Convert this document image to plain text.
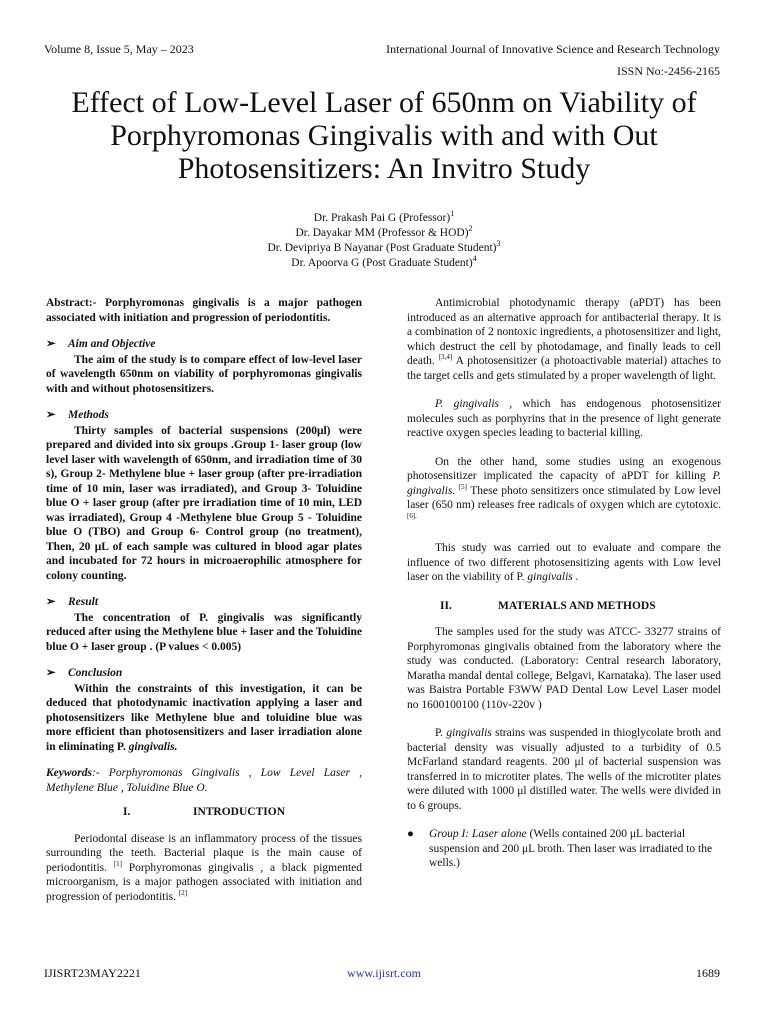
Volume 8, Issue 5, May – 2023	International Journal of Innovative Science and Research Technology
ISSN No:-2456-2165
Effect of Low-Level Laser of 650nm on Viability of Porphyromonas Gingivalis with and with Out Photosensitizers: An Invitro Study
Dr. Prakash Pai G (Professor)$^1$
Dr. Dayakar MM (Professor & HOD)$^2$
Dr. Devipriya B Nayanar (Post Graduate Student)$^3$
Dr. Apoorva G (Post Graduate Student)$^4$

Abstract:- Porphyromonas gingivalis is a major pathogen associated with initiation and progression of periodontitis.

➢ Aim and Objective

The aim of the study is to compare effect of low-level laser of wavelength 650nm on viability of porphyromonas gingivalis with and without photosensitizers.

➢ Methods

Thirty samples of bacterial suspensions (200μl) were prepared and divided into six groups .Group 1- laser group (low level laser with wavelength of 650nm, and irradiation time of 30 s), Group 2- Methylene blue + laser group (after pre-irradiation time of 10 min, laser was irradiated), and Group 3- Toluidine blue O + laser group (after pre irradiation time of 10 min, LED was irradiated), Group 4 -Methylene blue Group 5 - Toluidine blue O (TBO) and Group 6- Control group (no treatment), Then, 20 μL of each sample was cultured in blood agar plates and incubated for 72 hours in microaerophilic atmosphere for colony counting.

➢ Result

The concentration of P. gingivalis was significantly reduced after using the Methylene blue + laser and the Toluidine blue O + laser group . (P values < 0.005)

➢ Conclusion

Within the constraints of this investigation, it can be deduced that photodynamic inactivation applying a laser and photosensitizers like Methylene blue and toluidine blue was more efficient than photosensitizers and laser irradiation alone in eliminating P. gingivalis.

Keywords:- Porphyromonas Gingivalis , Low Level Laser , Methylene Blue , Toluidine Blue O.

I.	INTRODUCTION

Periodontal disease is an inflammatory process of the tissues surrounding the teeth. Bacterial plaque is the main cause of periodontitis. [1] Porphyromonas gingivalis , a black pigmented microorganism, is a major pathogen associated with initiation and progression of periodontitis. [2]

Antimicrobial photodynamic therapy (aPDT) has been introduced as an alternative approach for antibacterial therapy. It is a combination of 2 nontoxic ingredients, a photosensitizer and light, which destruct the cell by photodamage, and finally leads to cell death. [3,4] A photosensitizer (a photoactivable material) attaches to the target cells and gets stimulated by a proper wavelength of light.

P. gingivalis , which has endogenous photosensitizer molecules such as porphyrins that in the presence of light generate reactive oxygen species leading to bacterial killing.

On the other hand, some studies using an exogenous photosensitizer implicated the capacity of aPDT for killing P. gingivalis. [5] These photo sensitizers once stimulated by Low level laser (650 nm) releases free radicals of oxygen which are cytotoxic. $^{[6].}$

This study was carried out to evaluate and compare the influence of two different photosensitizing agents with Low level laser on the viability of P. gingivalis .

II.	MATERIALS AND METHODS

The samples used for the study was ATCC- 33277 strains of Porphyromonas gingivalis obtained from the laboratory where the study was conducted. (Laboratory: Central research laboratory, Maratha mandal dental college, Belgavi, Karnataka). The laser used was Baistra Portable F3WW PAD Dental Low Level Laser model no 1600100100 (110v-220v )

P. gingivalis strains was suspended in thioglycolate broth and bacterial density was visually adjusted to a turbidity of 0.5 McFarland standard reagents. 200 μl of bacterial suspension was transferred in to microtiter plates. The wells of the microtiter plates were diluted with 1000 μl distilled water. The wells were divided in to 6 groups.

●	Group I: Laser alone (Wells contained 200 μL bacterial suspension and 200 μL broth. Then laser was irradiated to the wells.)

IJISRT23MAY2221	www.ijisrt.com	1689
